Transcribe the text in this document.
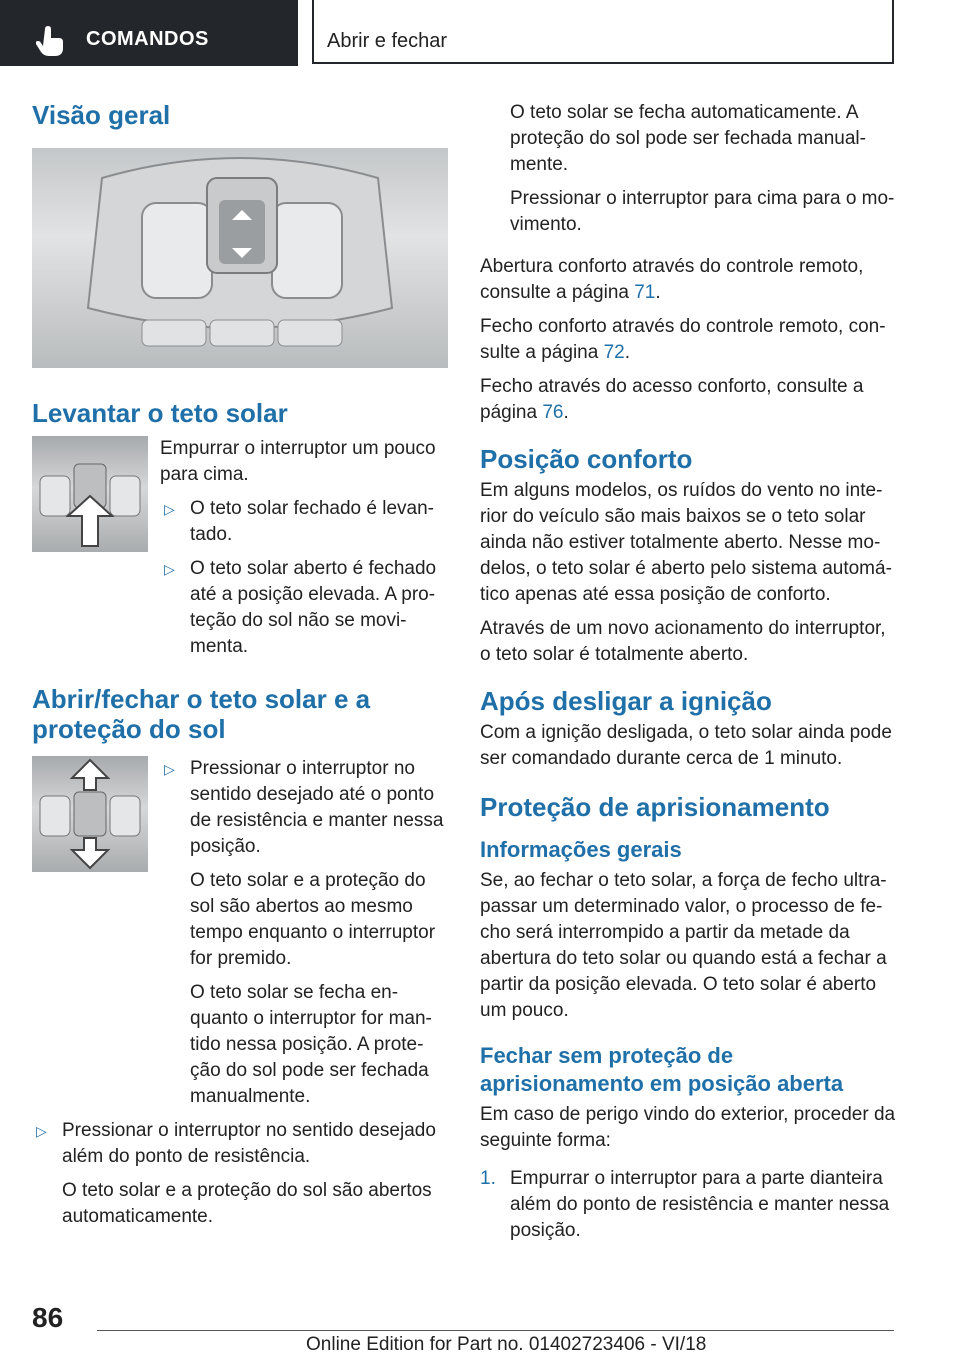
COMANDOS	Abrir e fechar
Visão geral
Levantar o teto solar

Empurrar o interruptor um pouco para cima.

▷ O teto solar fechado é levan- tado.
▷ O teto solar aberto é fechado até a posição elevada. A pro- teção do sol não se movi- menta.
Abrir/fechar o teto solar e a proteção do sol
▷ Pressionar o interruptor no sentido desejado até o ponto de resistência e manter nessa posição.

O teto solar e a proteção do sol são abertos ao mesmo tempo enquanto o interruptor for premido.

O teto solar se fecha en-
quanto o interruptor for man-
tido nessa posição. A prote-
ção do sol pode ser fechada manualmente.

▷ Pressionar o interruptor no sentido desejado além do ponto de resistência.

O teto solar e a proteção do sol são abertos automaticamente.

O teto solar se fecha automaticamente. A proteção do sol pode ser fechada manual-
mente.

Pressionar o interruptor para cima para o mo-
vimento.

Abertura conforto através do controle remoto, consulte a página 71.

Fecho conforto através do controle remoto, con-
sulte a página 72.

Fecho através do acesso conforto, consulte a página 76.

Posição conforto

Em alguns modelos, os ruídos do vento no inte-
rior do veículo são mais baixos se o teto solar ainda não estiver totalmente aberto. Nesse mo-
delos, o teto solar é aberto pelo sistema automá-
tico apenas até essa posição de conforto.

Através de um novo acionamento do interruptor, o teto solar é totalmente aberto.

Após desligar a ignição

Com a ignição desligada, o teto solar ainda pode ser comandado durante cerca de 1 minuto.

Proteção de aprisionamento
Informações gerais

Se, ao fechar o teto solar, a força de fecho ultra-
passar um determinado valor, o processo de fe-
cho será interrompido a partir da metade da abertura do teto solar ou quando está a fechar a partir da posição elevada. O teto solar é aberto um pouco.

Fechar sem proteção de aprisionamento em posição aberta

Em caso de perigo vindo do exterior, proceder da seguinte forma:

1. Empurrar o interruptor para a parte dianteira além do ponto de resistência e manter nessa posição.
86
Online Edition for Part no. 01402723406 - VI/18
